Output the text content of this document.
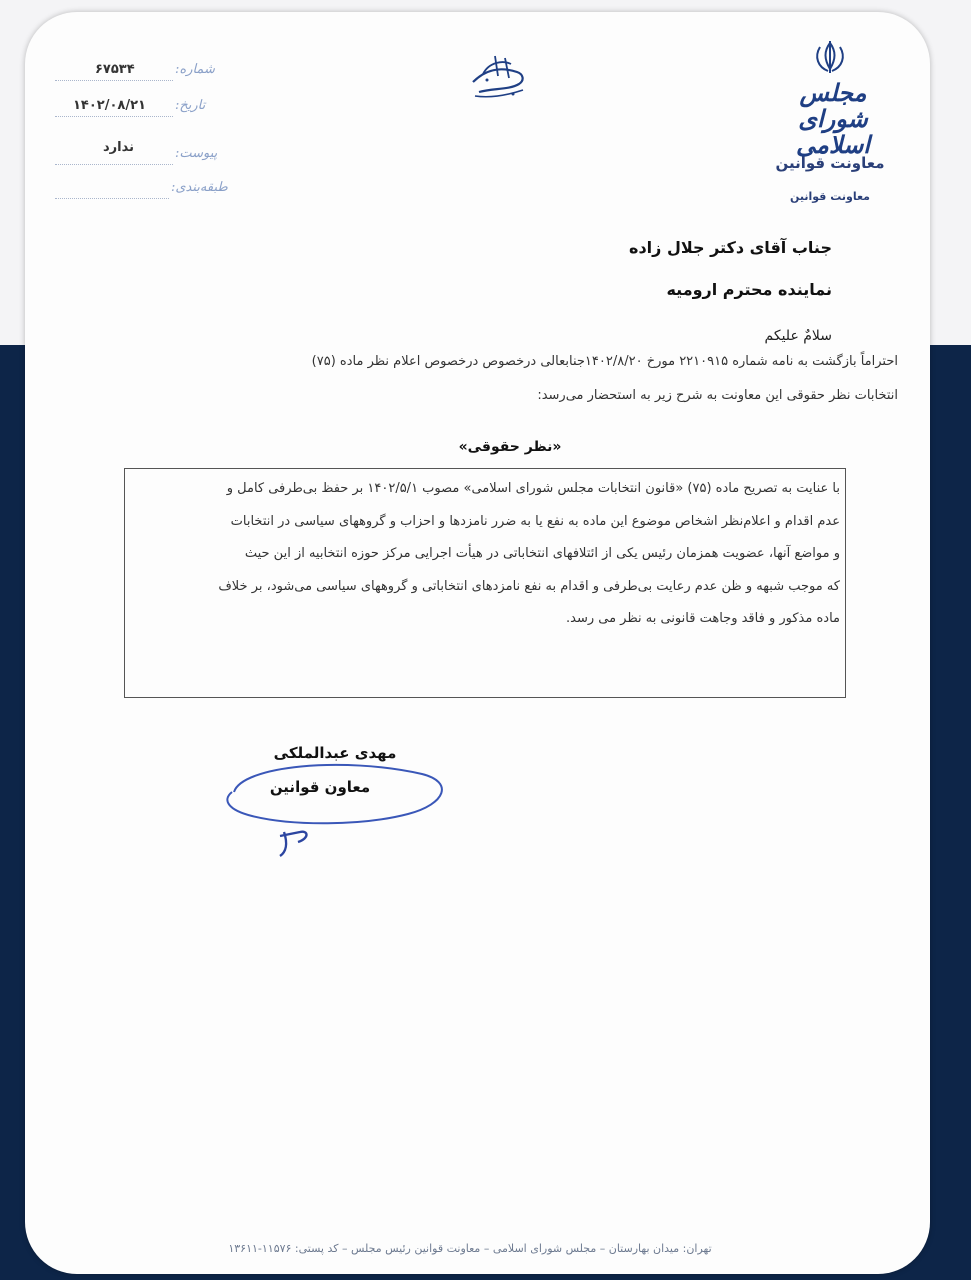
شماره:
۶۷۵۳۴
تاریخ:
۱۴۰۲/۰۸/۲۱
پیوست:
ندارد
طبقه‌بندی:
مجلس شورای اسلامی
معاونت قوانین
معاونت قوانین
جناب آقای دکتر جلال زاده
نماینده محترم ارومیه
سلامٌ علیکم
احتراماً بازگشت به نامه شماره ۲۲۱۰۹۱۵ مورخ ۱۴۰۲/۸/۲۰جنابعالی درخصوص درخصوص اعلام نظر ماده (۷۵)
انتخابات نظر حقوقی این معاونت به شرح زیر به استحضار می‌رسد:
«نظر حقوقی»
با عنایت به تصریح ماده (۷۵) «قانون انتخابات مجلس شورای اسلامی» مصوب ۱۴۰۲/۵/۱ بر حفظ بی‌طرفی کامل و
عدم اقدام و اعلام‌نظر اشخاص موضوع این ماده به نفع یا به ضرر نامزدها و احزاب و گروههای سیاسی در انتخابات
و مواضع آنها، عضویت همزمان رئیس یکی از ائتلافهای انتخاباتی در هیأت اجرایی مرکز حوزه انتخابیه از این حیث
که موجب شبهه و ظن عدم رعایت بی‌طرفی و اقدام به نفع نامزدهای انتخاباتی و گروههای سیاسی می‌شود، بر خلاف
ماده مذکور و فاقد وجاهت قانونی به نظر می رسد.
مهدی عبدالملکی
معاون قوانین
تهران: میدان بهارستان – مجلس شورای اسلامی – معاونت قوانین رئیس مجلس – کد پستی: ۱۱۵۷۶-۱۳۶۱۱
